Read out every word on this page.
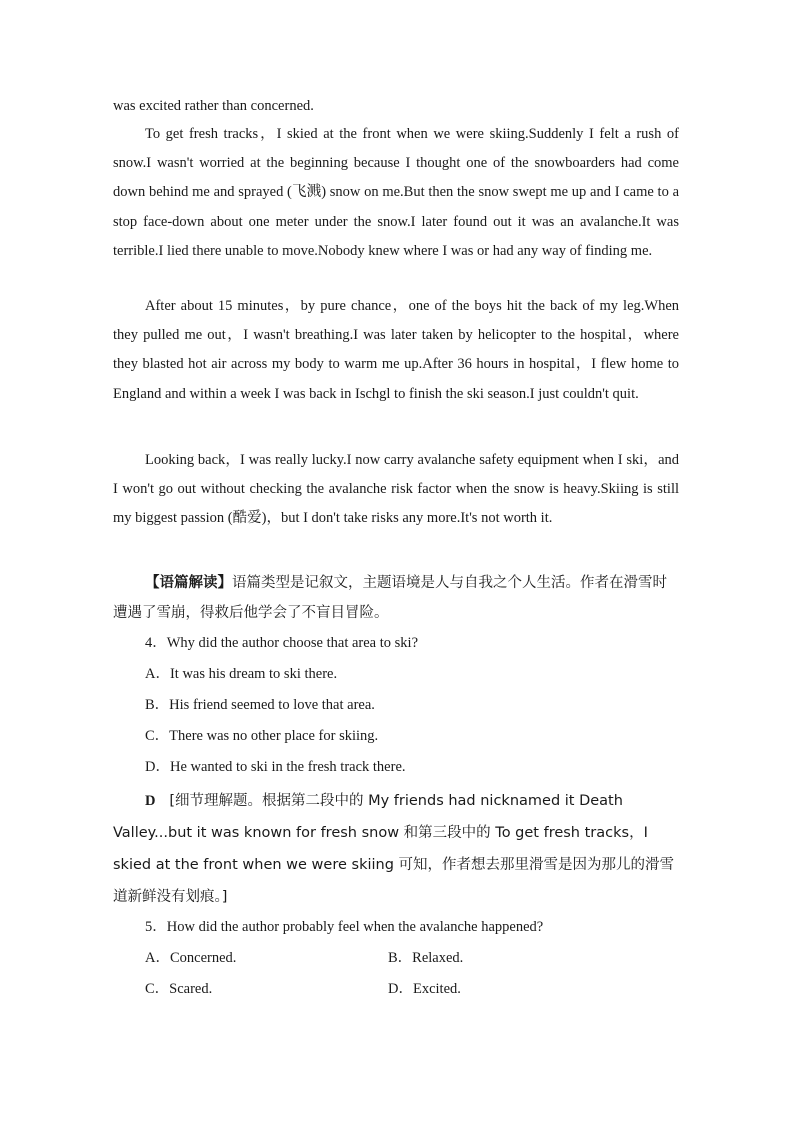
was excited rather than concerned.
To get fresh tracks，I skied at the front when we were skiing.Suddenly I felt a rush of snow.I wasn't worried at the beginning because I thought one of the snowboarders had come down behind me and sprayed (飞溅) snow on me.But then the snow swept me up and I came to a stop face-down about one meter under the snow.I later found out it was an avalanche.It was terrible.I lied there unable to move.Nobody knew where I was or had any way of finding me.
After about 15 minutes，by pure chance，one of the boys hit the back of my leg.When they pulled me out，I wasn't breathing.I was later taken by helicopter to the hospital，where they blasted hot air across my body to warm me up.After 36 hours in hospital，I flew home to England and within a week I was back in Ischgl to finish the ski season.I just couldn't quit.
Looking back，I was really lucky.I now carry avalanche safety equipment when I ski，and I won't go out without checking the avalanche risk factor when the snow is heavy.Skiing is still my biggest passion (酷爱)，but I don't take risks any more.It's not worth it.
【语篇解读】语篇类型是记叙文，主题语境是人与自我之个人生活。作者在滑雪时遭遇了雪崩，得救后他学会了不盲目冒险。
4．Why did the author choose that area to ski?
A．It was his dream to ski there.
B．His friend seemed to love that area.
C．There was no other place for skiing.
D．He wanted to ski in the fresh track there.
D [细节理解题。根据第二段中的 My friends had nicknamed it Death Valley...but it was known for fresh snow 和第三段中的 To get fresh tracks，I skied at the front when we were skiing 可知，作者想去那里滑雪是因为那儿的滑雪道新鲜没有划痕。]
5．How did the author probably feel when the avalanche happened?
A．Concerned.	B．Relaxed.
C．Scared.	D．Excited.
